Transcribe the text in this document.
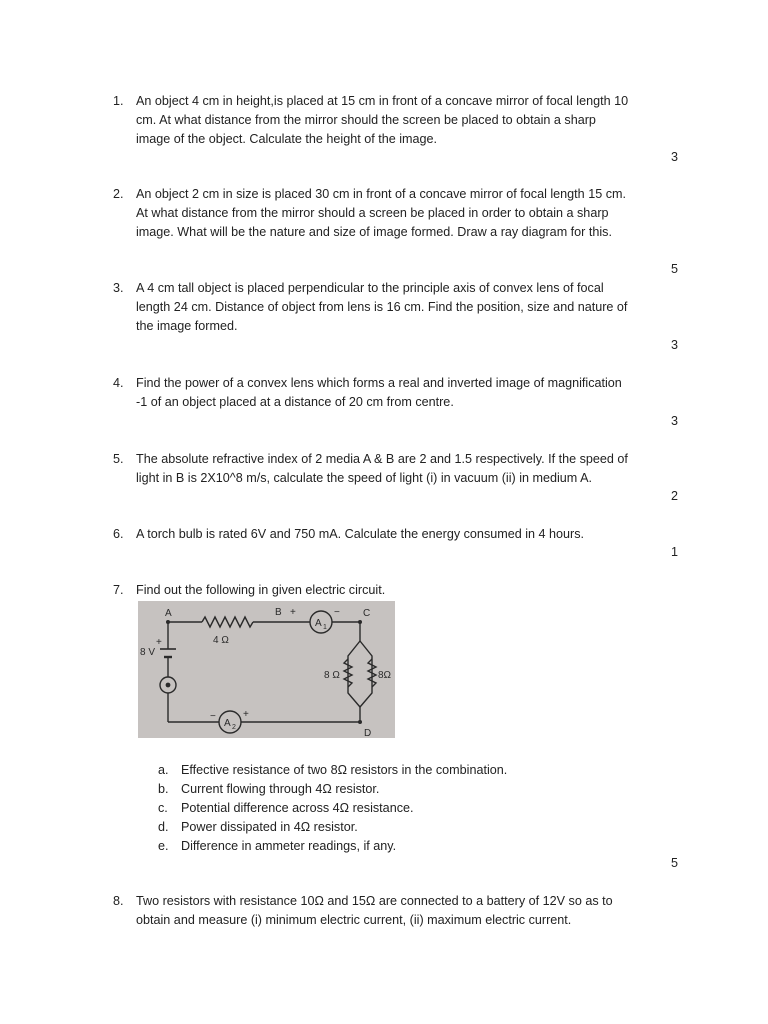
1. An object 4 cm in height,is placed at 15 cm in front of a concave mirror of focal length 10
cm. At what distance from the mirror should the screen be placed to obtain a sharp
image of the object. Calculate the height of the image.
3
2. An object 2 cm in size is placed 30 cm in front of a concave mirror of focal length 15 cm.
At what distance from the mirror should a screen be placed in order to obtain a sharp
image. What will be the nature and size of image formed. Draw a ray diagram for this.
5
3. A 4 cm tall object is placed perpendicular to the principle axis of convex lens of focal
length 24 cm. Distance of object from lens is 16 cm. Find the position, size and nature of
the image formed.
3
4. Find the power of a convex lens which forms a real and inverted image of magnification
-1 of an object placed at a distance of 20 cm from centre.
3
5. The absolute refractive index of 2 media A & B are 2 and 1.5 respectively. If the speed of
light in B is 2X10^8 m/s, calculate the speed of light (i) in vacuum (ii) in medium A.
2
6. A torch bulb is rated 6V and 750 mA. Calculate the energy consumed in 4 hours.
1
7. Find out the following in given electric circuit.
A	B	C
D
+	−
A 1
A 2
−	+
4 Ω
8 Ω	8Ω
8 V
+
a. Effective resistance of two 8Ω resistors in the combination.
b. Current flowing through 4Ω resistor.
c. Potential difference across 4Ω resistance.
d. Power dissipated in 4Ω resistor.
e. Difference in ammeter readings, if any.
5
8. Two resistors with resistance 10Ω and 15Ω are connected to a battery of 12V so as to
obtain and measure (i) minimum electric current, (ii) maximum electric current.
